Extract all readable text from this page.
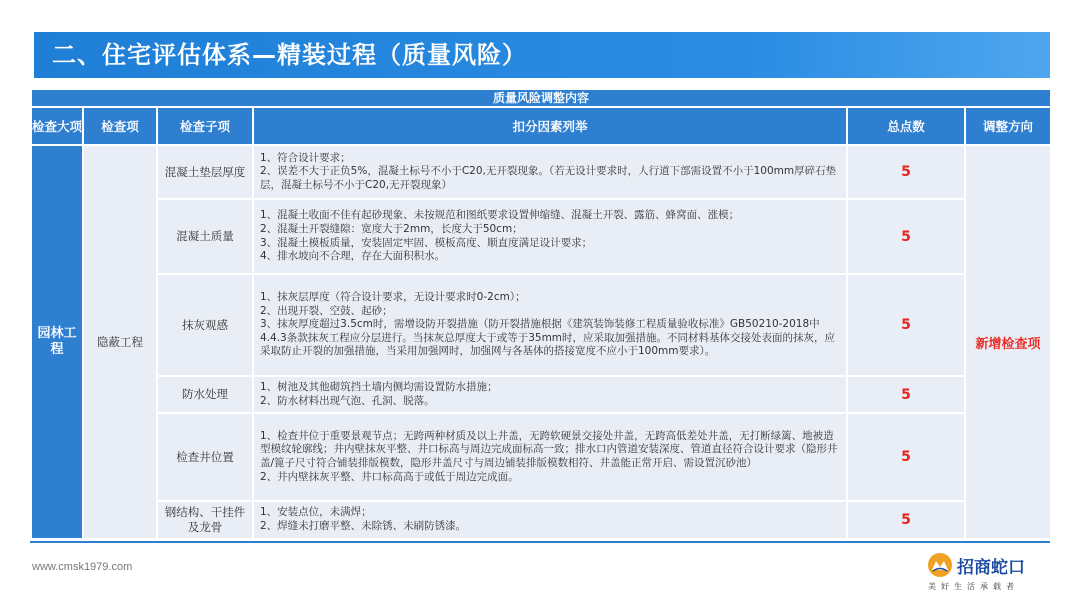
二、住宅评估体系—精装过程（质量风险）
质量风险调整内容					
检查大项	检查项	检查子项	扣分因素列举	总点数	调整方向
园林工程	隐蔽工程	混凝土垫层厚度	1、符合设计要求；
2、误差不大于正负5%，混凝土标号不小于C20,无开裂现象。（若无设计要求时，人行道下部需设置不小于100mm厚碎石垫层，混凝土标号不小于C20,无开裂现象）	5	新增检查项
		混凝土质量	1、混凝土收面不佳有起砂现象、未按规范和图纸要求设置伸缩缝、混凝土开裂、露筋、蜂窝面、涨模；
2、混凝土开裂缝隙：宽度大于2mm，长度大于50cm；
3、混凝土模板质量，安装固定牢固、模板高度、顺直度满足设计要求；
4、排水坡向不合理，存在大面积积水。	5	
		抹灰观感	1、抹灰层厚度（符合设计要求，无设计要求时0-2cm）；
2、出现开裂、空鼓、起砂；
3、抹灰厚度超过3.5cm时，需增设防开裂措施（防开裂措施根据《建筑装饰装修工程质量验收标准》GB50210-2018中4.4.3条款抹灰工程应分层进行。当抹灰总厚度大于或等于35mm时，应采取加强措施。不同材料基体交接处表面的抹灰，应采取防止开裂的加强措施，当采用加强网时，加强网与各基体的搭接宽度不应小于100mm要求）。	5	
		防水处理	1、树池及其他砌筑挡土墙内侧均需设置防水措施；
2、防水材料出现气泡、孔洞、脱落。	5	
		检查井位置	1、检查井位于重要景观节点；无跨两种材质及以上井盖，无跨软硬景交接处井盖，无跨高低差处井盖，无打断绿篱、地被造型模纹轮廓线；井内壁抹灰平整、井口标高与周边完成面标高一致；排水口内管道安装深度、管道直径符合设计要求（隐形井盖/篦子尺寸符合铺装排版模数，隐形井盖尺寸与周边铺装排版模数相符、井盖能正常开启、需设置沉砂池）
2、井内壁抹灰平整、井口标高高于或低于周边完成面。	5	
		钢结构、干挂件及龙骨	1、安装点位，未满焊；
2、焊缝未打磨平整、未除锈、未刷防锈漆。	5	
www.cmsk1979.com	招商蛇口
美好生活承载者
